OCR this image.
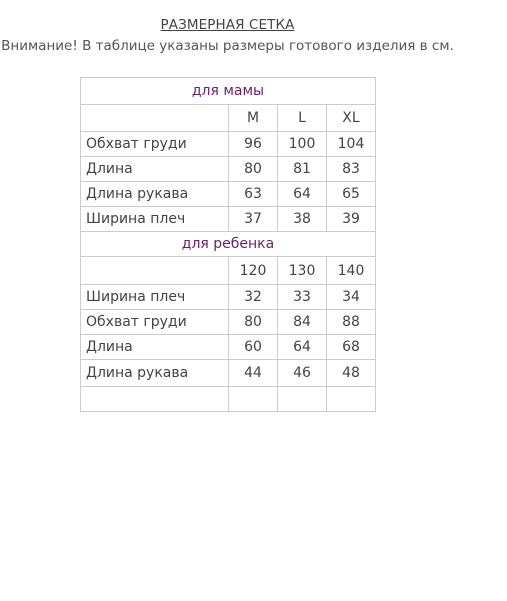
РАЗМЕРНАЯ СЕТКА
Внимание! В таблице указаны размеры готового изделия в см.
для мамы			
	M	L	XL
Обхват груди	96	100	104
Длина	80	81	83
Длина рукава	63	64	65
Ширина плеч	37	38	39
для ребенка			
	120	130	140
Ширина плеч	32	33	34
Обхват груди	80	84	88
Длина	60	64	68
Длина рукава	44	46	48
